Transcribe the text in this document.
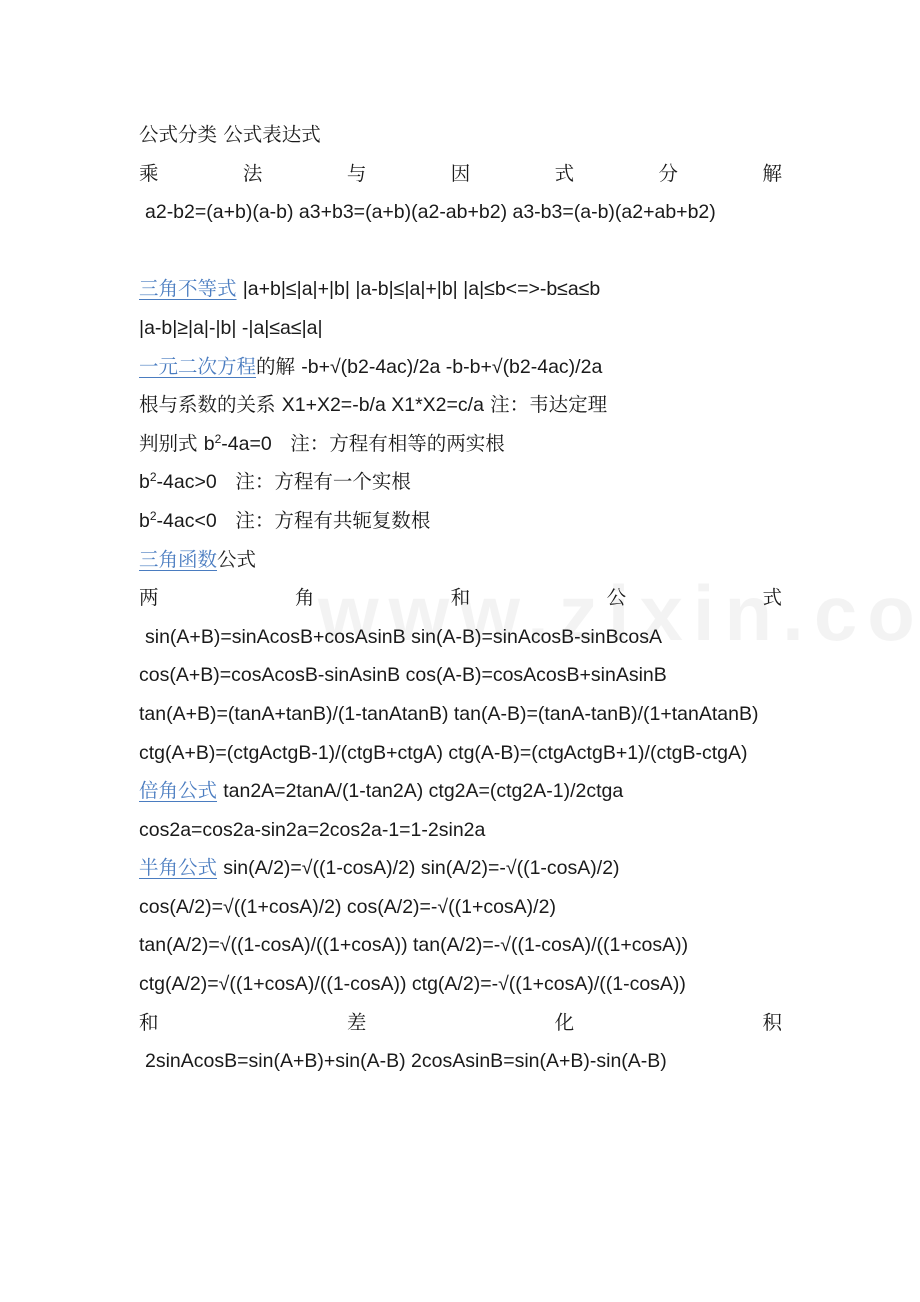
公式分类 公式表达式
乘	法	与	因	式	分	解
a2-b2=(a+b)(a-b) a3+b3=(a+b)(a2-ab+b2) a3-b3=(a-b)(a2+ab+b2)
三角不等式 |a+b|≤|a|+|b| |a-b|≤|a|+|b| |a|≤b<=>-b≤a≤b
|a-b|≥|a|-|b| -|a|≤a≤|a|
一元二次方程的解 -b+√(b2-4ac)/2a -b-b+√(b2-4ac)/2a
根与系数的关系 X1+X2=-b/a X1*X2=c/a 注：韦达定理
判别式 $b^2-4a=0$ 注：方程有相等的两实根
$b^2-4ac>0$ 注：方程有一个实根
$b^2-4ac<0$ 注：方程有共轭复数根
三角函数公式
两	角	和	公	式
sin(A+B)=sinAcosB+cosAsinB sin(A-B)=sinAcosB-sinBcosA
cos(A+B)=cosAcosB-sinAsinB cos(A-B)=cosAcosB+sinAsinB
tan(A+B)=(tanA+tanB)/(1-tanAtanB) tan(A-B)=(tanA-tanB)/(1+tanAtanB)
ctg(A+B)=(ctgActgB-1)/(ctgB+ctgA) ctg(A-B)=(ctgActgB+1)/(ctgB-ctgA)
倍角公式 tan2A=2tanA/(1-tan2A) ctg2A=(ctg2A-1)/2ctga
cos2a=cos2a-sin2a=2cos2a-1=1-2sin2a
半角公式 sin(A/2)=√((1-cosA)/2) sin(A/2)=-√((1-cosA)/2)
cos(A/2)=√((1+cosA)/2) cos(A/2)=-√((1+cosA)/2)
tan(A/2)=√((1-cosA)/((1+cosA)) tan(A/2)=-√((1-cosA)/((1+cosA))
ctg(A/2)=√((1+cosA)/((1-cosA)) ctg(A/2)=-√((1+cosA)/((1-cosA))
和	差	化	积
2sinAcosB=sin(A+B)+sin(A-B) 2cosAsinB=sin(A+B)-sin(A-B)
